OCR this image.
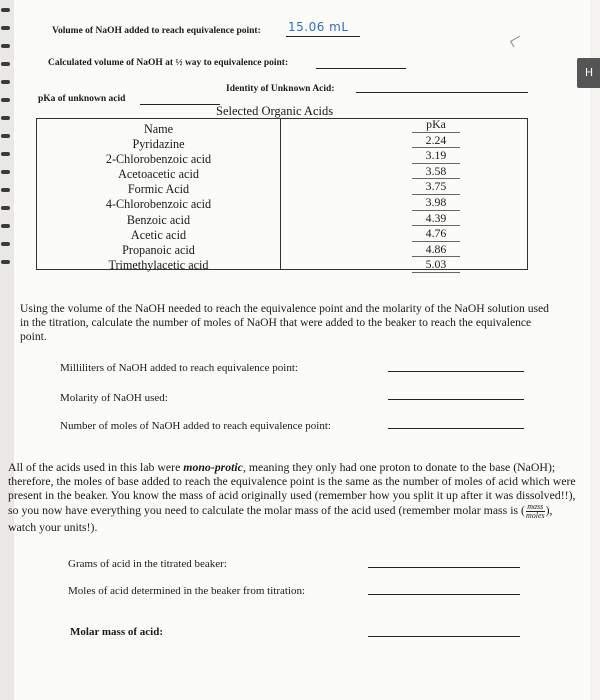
H
Volume of NaOH added to reach equivalence point: 15.06 mL
Calculated volume of NaOH at ½ way to equivalence point:
pKa of unknown acid
Identity of Unknown Acid:
Selected Organic Acids
Name
Pyridazine
2-Chlorobenzoic acid
Acetoacetic acid
Formic Acid
4-Chlorobenzoic acid
Benzoic acid
Acetic acid
Propanoic acid
Trimethylacetic acid
pKa
2.24
3.19
3.58
3.75
3.98
4.39
4.76
4.86
5.03
Using the volume of the NaOH needed to reach the equivalence point and the molarity of the NaOH solution used in the titration, calculate the number of moles of NaOH that were added to the beaker to reach the equivalence point.
Milliliters of NaOH added to reach equivalence point:
Molarity of NaOH used:
Number of moles of NaOH added to reach equivalence point:
All of the acids used in this lab were mono-protic, meaning they only had one proton to donate to the base (NaOH); therefore, the moles of base added to reach the equivalence point is the same as the number of moles of acid which were present in the beaker. You know the mass of acid originally used (remember how you split it up after it was dissolved!!), so you now have everything you need to calculate the molar mass of the acid used (remember molar mass is ( $\frac{\text{mass}}{\text{moles}}$ ), watch your units!).
Grams of acid in the titrated beaker:
Moles of acid determined in the beaker from titration:
Molar mass of acid:
